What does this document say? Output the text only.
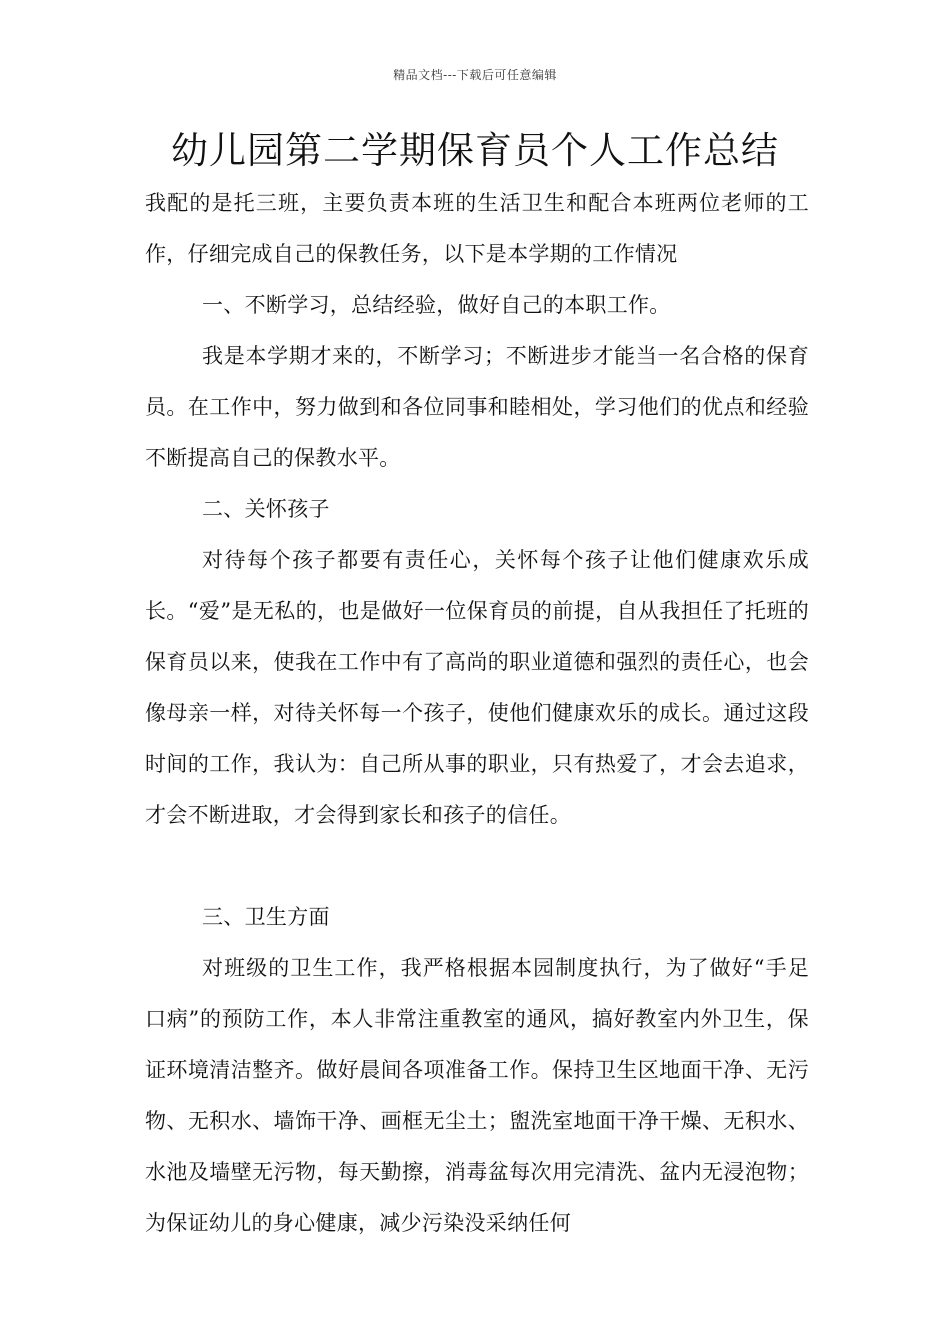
精品文档---下载后可任意编辑
幼儿园第二学期保育员个人工作总结

我配的是托三班，主要负责本班的生活卫生和配合本班两位老师的工作，仔细完成自己的保教任务，以下是本学期的工作情况

一、不断学习，总结经验，做好自己的本职工作。

我是本学期才来的，不断学习；不断进步才能当一名合格的保育员。在工作中，努力做到和各位同事和睦相处，学习他们的优点和经验不断提高自己的保教水平。

二、关怀孩子

对待每个孩子都要有责任心，关怀每个孩子让他们健康欢乐成长。“爱”是无私的，也是做好一位保育员的前提，自从我担任了托班的保育员以来，使我在工作中有了高尚的职业道德和强烈的责任心，也会像母亲一样，对待关怀每一个孩子，使他们健康欢乐的成长。通过这段时间的工作，我认为：自己所从事的职业，只有热爱了，才会去追求，才会不断进取，才会得到家长和孩子的信任。

三、卫生方面

对班级的卫生工作，我严格根据本园制度执行，为了做好“手足口病”的预防工作，本人非常注重教室的通风，搞好教室内外卫生，保证环境清洁整齐。做好晨间各项准备工作。保持卫生区地面干净、无污物、无积水、墙饰干净、画框无尘土；盥洗室地面干净干燥、无积水、水池及墙壁无污物，每天勤擦，消毒盆每次用完清洗、盆内无浸泡物；为保证幼儿的身心健康，减少污染没采纳任何
